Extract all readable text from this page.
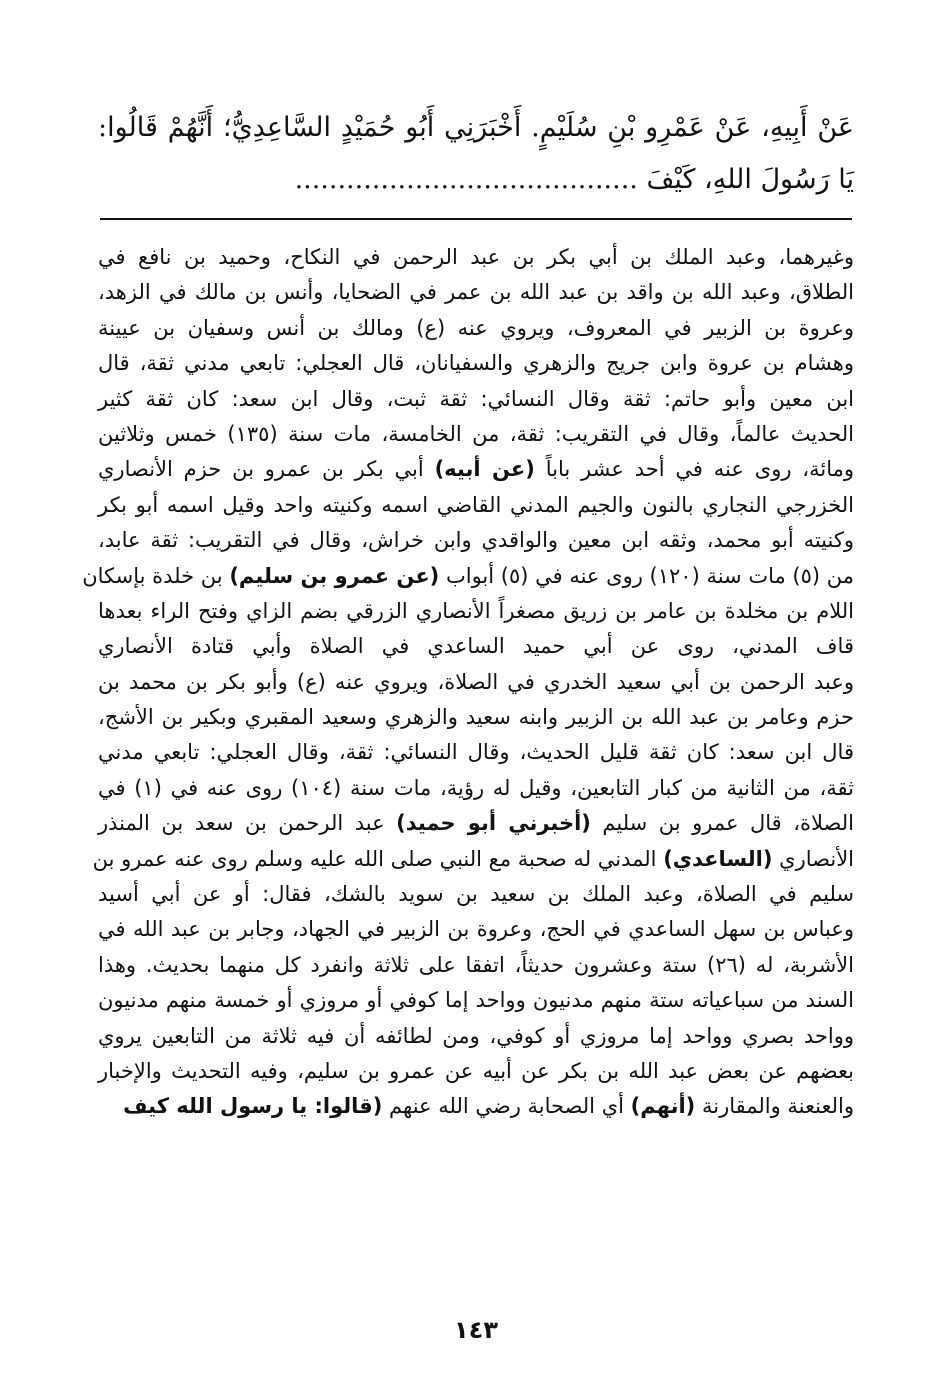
عَنْ أَبِيهِ، عَنْ عَمْرِو بْنِ سُلَيْمٍ. أَخْبَرَنِي أَبُو حُمَيْدٍ السَّاعِدِيُّ؛ أَنَّهُمْ قَالُوا:
يَا رَسُولَ اللهِ، كَيْفَ ........................................
وغيرهما، وعبد الملك بن أبي بكر بن عبد الرحمن في النكاح، وحميد بن نافع في
الطلاق، وعبد الله بن واقد بن عبد الله بن عمر في الضحايا، وأنس بن مالك في الزهد،
وعروة بن الزبير في المعروف، ويروي عنه (ع) ومالك بن أنس وسفيان بن عيينة
وهشام بن عروة وابن جريج والزهري والسفيانان، قال العجلي: تابعي مدني ثقة، قال
ابن معين وأبو حاتم: ثقة وقال النسائي: ثقة ثبت، وقال ابن سعد: كان ثقة كثير
الحديث عالماً، وقال في التقريب: ثقة، من الخامسة، مات سنة (١٣٥) خمس وثلاثين
ومائة، روى عنه في أحد عشر باباً (عن أبيه) أبي بكر بن عمرو بن حزم الأنصاري
الخزرجي النجاري بالنون والجيم المدني القاضي اسمه وكنيته واحد وقيل اسمه أبو بكر
وكنيته أبو محمد، وثقه ابن معين والواقدي وابن خراش، وقال في التقريب: ثقة عابد،
من (٥) مات سنة (١٢٠) روى عنه في (٥) أبواب (عن عمرو بن سليم) بن خلدة بإسكان
اللام بن مخلدة بن عامر بن زريق مصغراً الأنصاري الزرقي بضم الزاي وفتح الراء بعدها
قاف المدني، روى عن أبي حميد الساعدي في الصلاة وأبي قتادة الأنصاري
وعبد الرحمن بن أبي سعيد الخدري في الصلاة، ويروي عنه (ع) وأبو بكر بن محمد بن
حزم وعامر بن عبد الله بن الزبير وابنه سعيد والزهري وسعيد المقبري وبكير بن الأشج،
قال ابن سعد: كان ثقة قليل الحديث، وقال النسائي: ثقة، وقال العجلي: تابعي مدني
ثقة، من الثانية من كبار التابعين، وقيل له رؤية، مات سنة (١٠٤) روى عنه في (١) في
الصلاة، قال عمرو بن سليم (أخبرني أبو حميد) عبد الرحمن بن سعد بن المنذر
الأنصاري (الساعدي) المدني له صحبة مع النبي صلى الله عليه وسلم روى عنه عمرو بن
سليم في الصلاة، وعبد الملك بن سعيد بن سويد بالشك، فقال: أو عن أبي أسيد
وعباس بن سهل الساعدي في الحج، وعروة بن الزبير في الجهاد، وجابر بن عبد الله في
الأشربة، له (٢٦) ستة وعشرون حديثاً، اتفقا على ثلاثة وانفرد كل منهما بحديث. وهذا
السند من سباعياته ستة منهم مدنيون وواحد إما كوفي أو مروزي أو خمسة منهم مدنيون
وواحد بصري وواحد إما مروزي أو كوفي، ومن لطائفه أن فيه ثلاثة من التابعين يروي
بعضهم عن بعض عبد الله بن بكر عن أبيه عن عمرو بن سليم، وفيه التحديث والإخبار
والعنعنة والمقارنة (أنهم) أي الصحابة رضي الله عنهم (قالوا: يا رسول الله كيف
١٤٣
